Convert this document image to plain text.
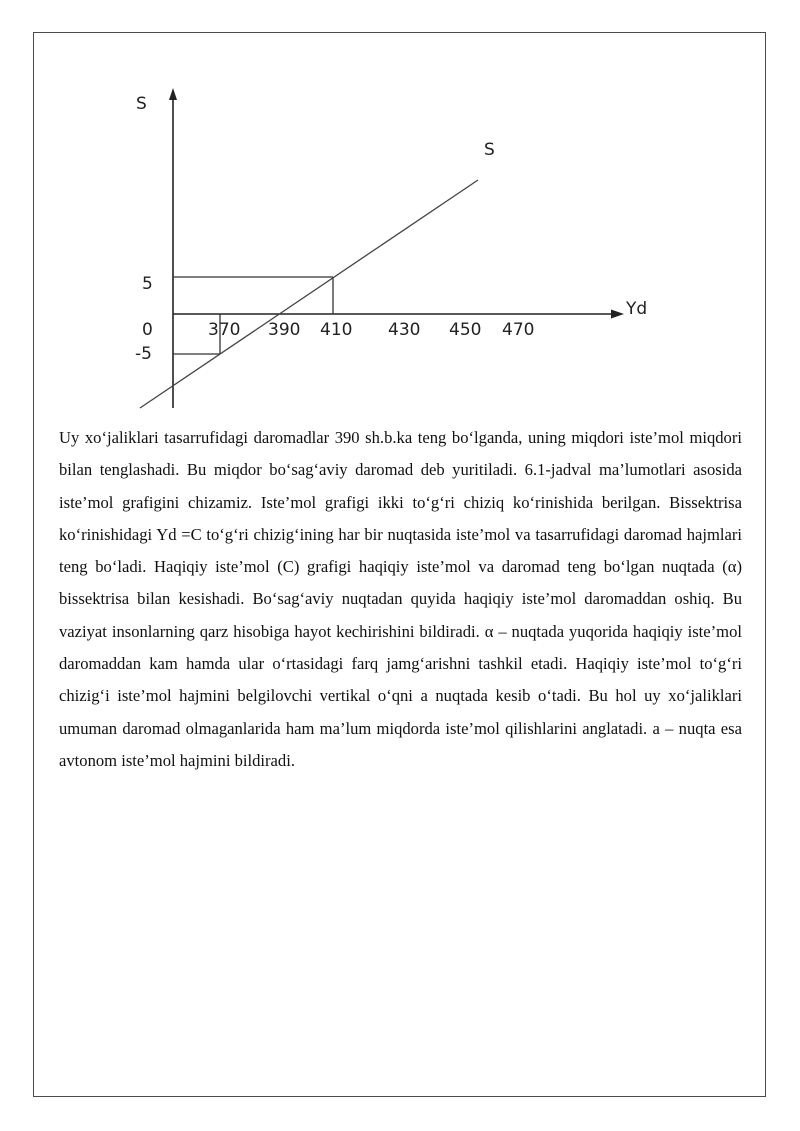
S
S
Yd
5
0
-5
370 390 410 430 450 470

Uy xo‘jaliklari tasarrufidagi daromadlar 390 sh.b.ka teng bo‘lganda, uning miqdori iste’mol miqdori bilan tenglashadi. Bu miqdor bo‘sag‘aviy daromad deb yuritiladi. 6.1-jadval ma’lumotlari asosida iste’mol grafigini chizamiz. Iste’mol grafigi ikki to‘g‘ri chiziq ko‘rinishida berilgan. Bissektrisa ko‘rinishidagi Yd =C to‘g‘ri chizig‘ining har bir nuqtasida iste’mol va tasarrufidagi daromad hajmlari teng bo‘ladi. Haqiqiy iste’mol (C) grafigi haqiqiy iste’mol va daromad teng bo‘lgan nuqtada (α) bissektrisa bilan kesishadi. Bo‘sag‘aviy nuqtadan quyida haqiqiy iste’mol daromaddan oshiq. Bu vaziyat insonlarning qarz hisobiga hayot kechirishini bildiradi. α – nuqtada yuqorida haqiqiy iste’mol daromaddan kam hamda ular o‘rtasidagi farq jamg‘arishni tashkil etadi. Haqiqiy iste’mol to‘g‘ri chizig‘i iste’mol hajmini belgilovchi vertikal o‘qni a nuqtada kesib o‘tadi. Bu hol uy xo‘jaliklari umuman daromad olmaganlarida ham ma’lum miqdorda iste’mol qilishlarini anglatadi. a – nuqta esa avtonom iste’mol hajmini bildiradi.
